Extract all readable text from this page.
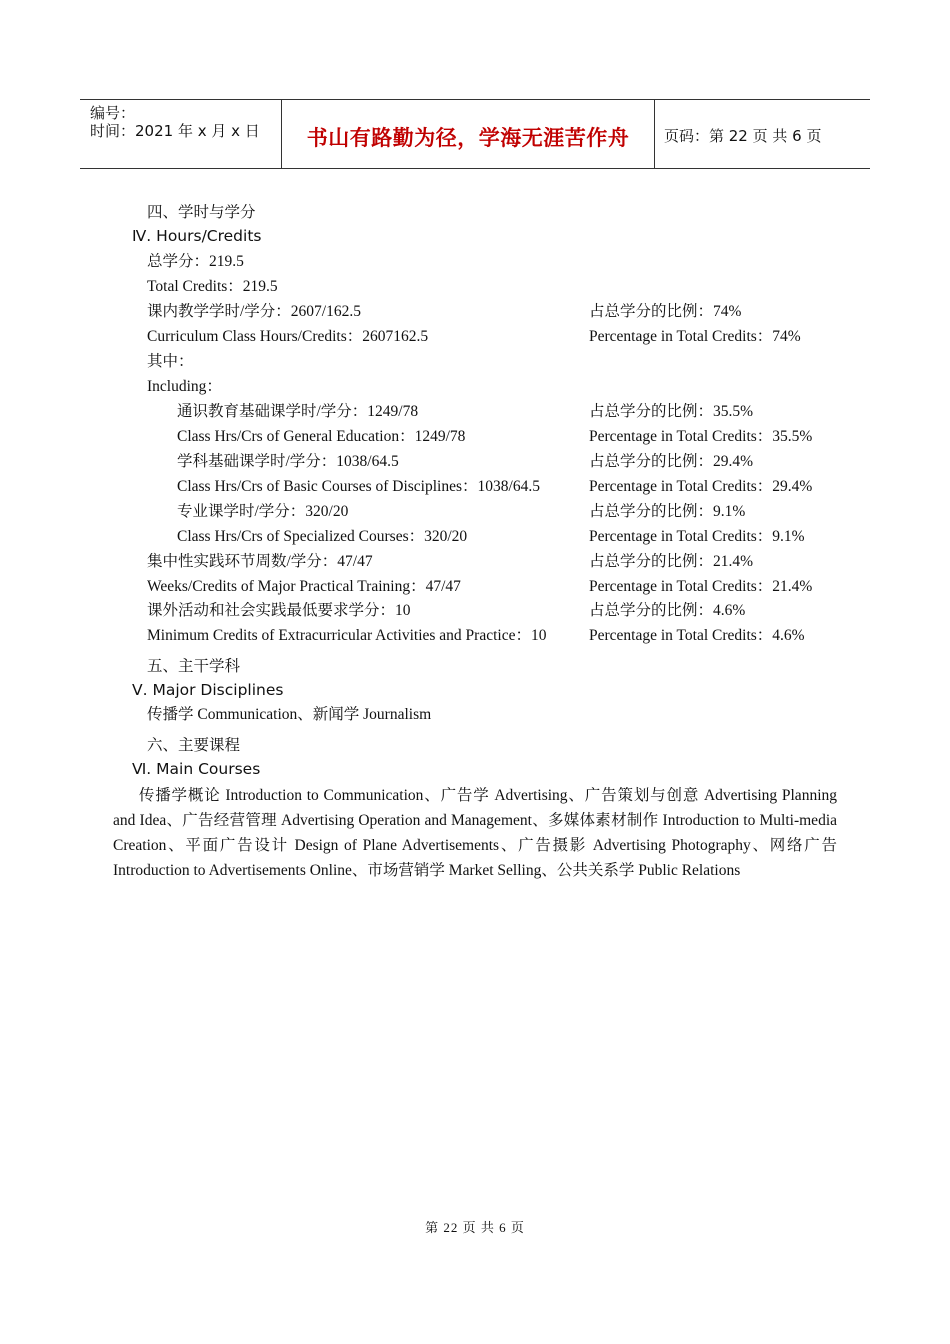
编号：
时间：2021 年 x 月 x 日	书山有路勤为径，学海无涯苦作舟	页码：第 22 页 共 6 页
四、学时与学分
Ⅳ. Hours/Credits
总学分：219.5
Total Credits：219.5
课内教学学时/学分：2607/162.5	占总学分的比例：74%
Curriculum Class Hours/Credits：2607162.5	Percentage in Total Credits：74%
其中：
Including：
通识教育基础课学时/学分：1249/78	占总学分的比例：35.5%
Class Hrs/Crs of General Education：1249/78	Percentage in Total Credits：35.5%
学科基础课学时/学分：1038/64.5	占总学分的比例：29.4%
Class Hrs/Crs of Basic Courses of Disciplines：1038/64.5	Percentage in Total Credits：29.4%
专业课学时/学分：320/20	占总学分的比例：9.1%
Class Hrs/Crs of Specialized Courses：320/20	Percentage in Total Credits：9.1%
集中性实践环节周数/学分：47/47	占总学分的比例：21.4%
Weeks/Credits of Major Practical Training：47/47	Percentage in Total Credits：21.4%
课外活动和社会实践最低要求学分：10	占总学分的比例：4.6%
Minimum Credits of Extracurricular Activities and Practice：10	Percentage in Total Credits：4.6%
五、主干学科
Ⅴ. Major Disciplines
传播学 Communication、新闻学 Journalism
六、主要课程
Ⅵ. Main Courses
传播学概论 Introduction to Communication、广告学 Advertising、广告策划与创意 Advertising Planning and Idea、广告经营管理 Advertising Operation and Management、多媒体素材制作 Introduction to Multi-media Creation、平面广告设计 Design of Plane Advertisements、广告摄影 Advertising Photography、网络广告 Introduction to Advertisements Online、市场营销学 Market Selling、公共关系学 Public Relations
第 22 页 共 6 页
